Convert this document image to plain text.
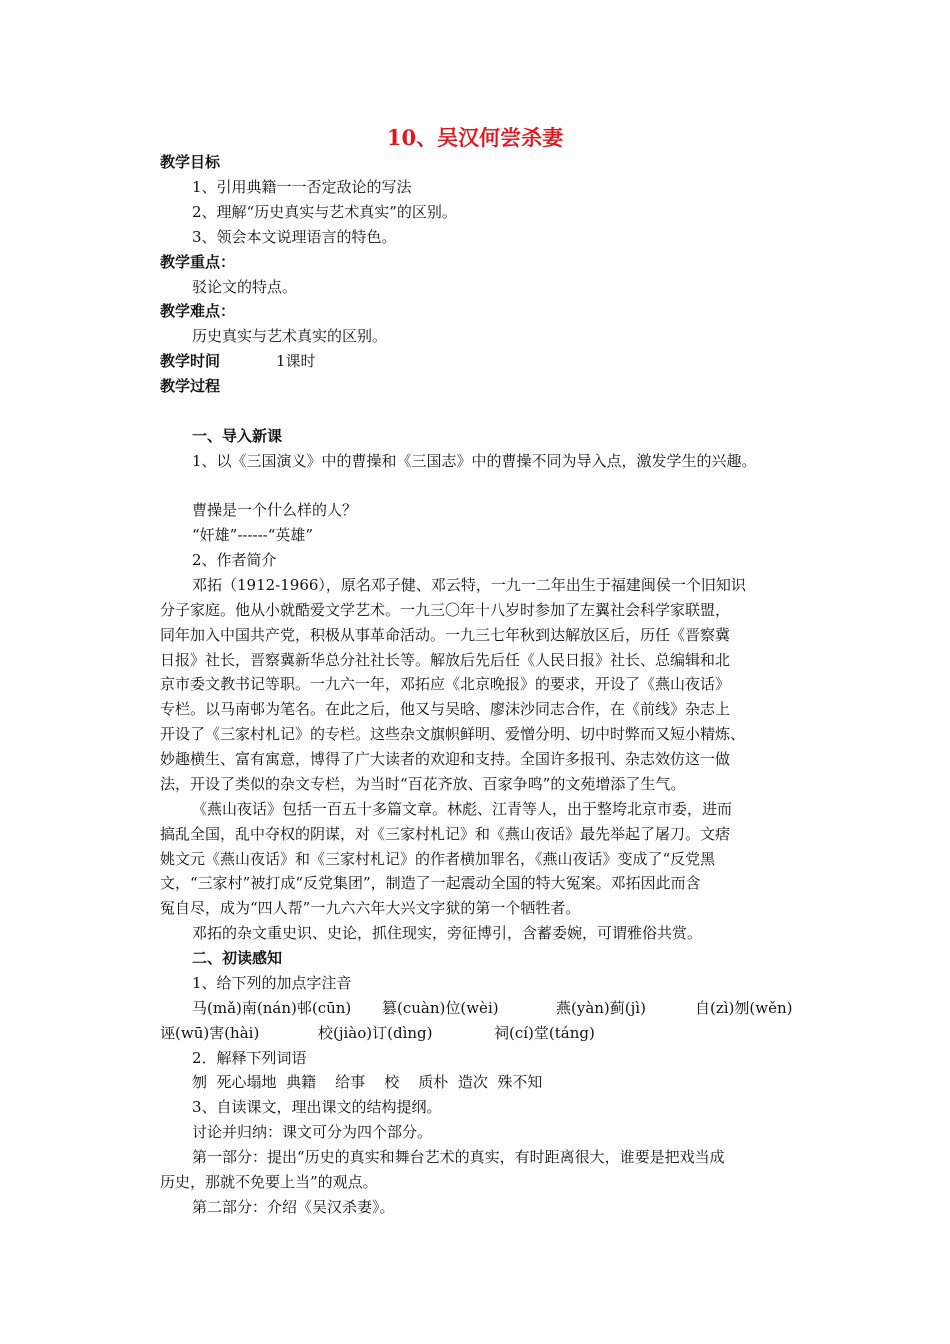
10、吴汉何尝杀妻
教学目标
1、引用典籍一一否定敌论的写法
2、理解“历史真实与艺术真实”的区别。
3、领会本文说理语言的特色。
教学重点：
驳论文的特点。
教学难点：
历史真实与艺术真实的区别。
教学时间	1课时
教学过程
一、导入新课
1、以《三国演义》中的曹操和《三国志》中的曹操不同为导入点，激发学生的兴趣。
曹操是一个什么样的人？
“奸雄”------“英雄”
2、作者简介
邓拓（1912-1966），原名邓子健、邓云特，一九一二年出生于福建闽侯一个旧知识
分子家庭。他从小就酷爱文学艺术。一九三〇年十八岁时参加了左翼社会科学家联盟，
同年加入中国共产党，积极从事革命活动。一九三七年秋到达解放区后，历任《晋察冀
日报》社长，晋察冀新华总分社社长等。解放后先后任《人民日报》社长、总编辑和北
京市委文教书记等职。一九六一年，邓拓应《北京晚报》的要求，开设了《燕山夜话》
专栏。以马南邨为笔名。在此之后，他又与吴晗、廖沫沙同志合作，在《前线》杂志上
开设了《三家村札记》的专栏。这些杂文旗帜鲜明、爱憎分明、切中时弊而又短小精炼、
妙趣横生、富有寓意，博得了广大读者的欢迎和支持。全国许多报刊、杂志效仿这一做
法，开设了类似的杂文专栏，为当时“百花齐放、百家争鸣”的文苑增添了生气。
《燕山夜话》包括一百五十多篇文章。林彪、江青等人，出于整垮北京市委，进而
搞乱全国，乱中夺权的阴谋，对《三家村札记》和《燕山夜话》最先举起了屠刀。文痞
姚文元《燕山夜话》和《三家村札记》的作者横加罪名，《燕山夜话》变成了“反党黑
文，“三家村”被打成“反党集团”，制造了一起震动全国的特大冤案。邓拓因此而含
冤自尽，成为“四人帮”一九六六年大兴文字狱的第一个牺牲者。
邓拓的杂文重史识、史论，抓住现实，旁征博引，含蓄委婉，可谓雅俗共赏。
二、初读感知
1、给下列的加点字注音
马(mǎ)南(nán)邨(cūn) 篡(cuàn)位(wèi)	燕(yàn)蓟(jì)	自(zì)刎(wěn)
诬(wū)害(hài)	校(jiào)订(dìng)	祠(cí)堂(táng)
2．解释下列词语
刎  死心塌地  典籍    给事    校    质朴  造次  殊不知
3、自读课文，理出课文的结构提纲。
讨论并归纳：课文可分为四个部分。
第一部分：提出“历史的真实和舞台艺术的真实，有时距离很大，谁要是把戏当成
历史，那就不免要上当”的观点。
第二部分：介绍《吴汉杀妻》。
